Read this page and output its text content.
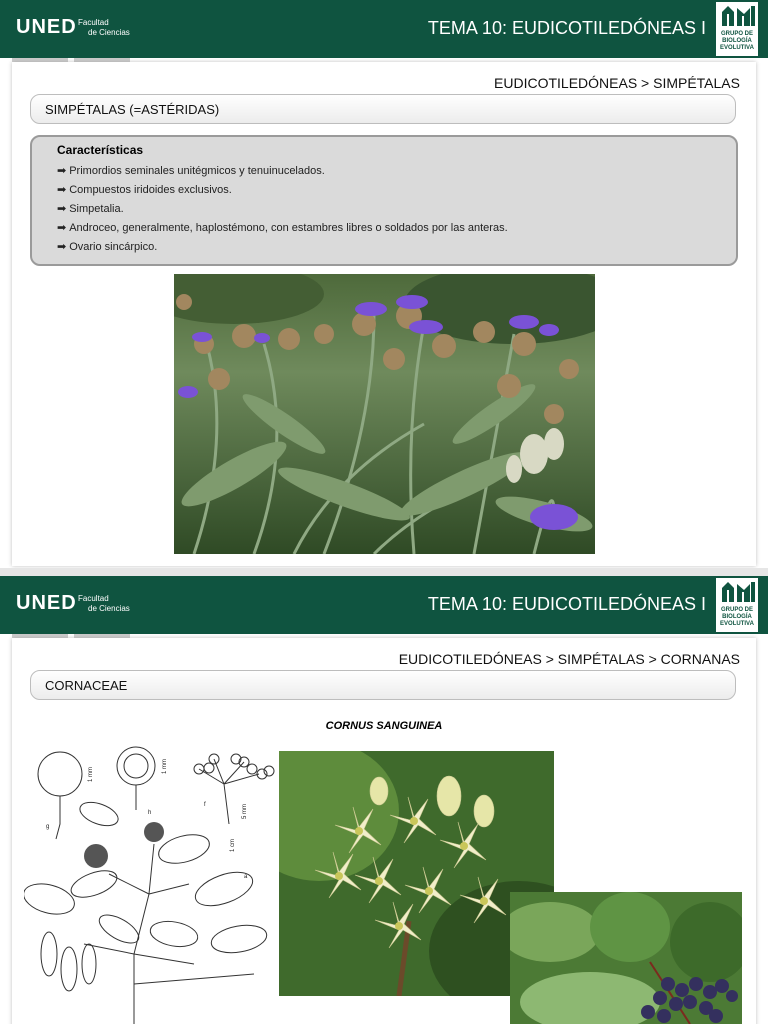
UNED Facultad
de Ciencias	TEMA 10: EUDICOTILEDÓNEAS I	GRUPO DE
BIOLOGÍA
EVOLUTIVA
EUDICOTILEDÓNEAS > SIMPÉTALAS
SIMPÉTALAS (=ASTÉRIDAS)
Características
➡ Primordios seminales unitégmicos y tenuinucelados.
➡ Compuestos iridoides exclusivos.
➡ Simpetalia.
➡ Androceo, generalmente, haplostémono, con estambres libres o soldados por las anteras.
➡ Ovario sincárpico.
UNED Facultad
de Ciencias	TEMA 10: EUDICOTILEDÓNEAS I	GRUPO DE
BIOLOGÍA
EVOLUTIVA
EUDICOTILEDÓNEAS > SIMPÉTALAS > CORNANAS
CORNACEAE
CORNUS SANGUINEA
g
h
f
a
1 mm
1 mm
5 mm
1 cm
